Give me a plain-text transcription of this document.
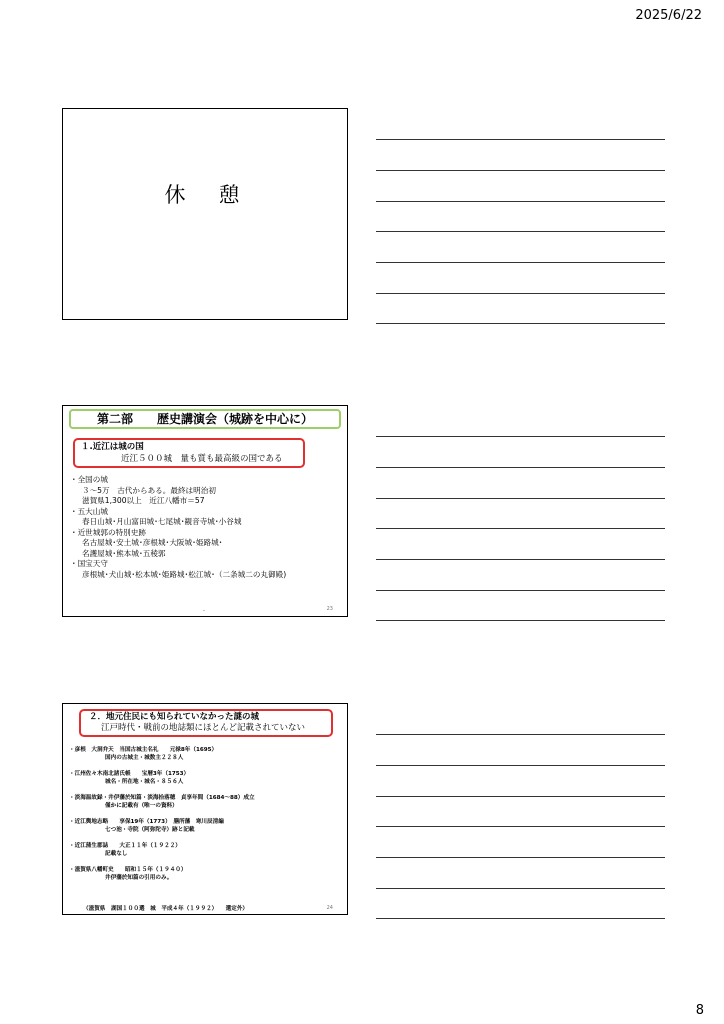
2025/6/22
休　憩
第二部　　歴史講演会（城跡を中心に）
１.近江は城の国
近江５００城　量も質も最高級の国である
・全国の城
３～5万　古代からある。最終は明治初
滋賀県1,300以上　近江八幡市＝57
・五大山城
春日山城･月山富田城･七尾城･観音寺城･小谷城
・近世城郭の特別史跡
名古屋城･安土城･彦根城･大阪城･姫路城･
名護屋城･熊本城･五稜郭
・国宝天守
彦根城･犬山城･松本城･姫路城･松江城･（二条城二の丸御殿)
.	23
２．地元住民にも知られていなかった謎の城
江戸時代・戦前の地誌類にほとんど記載されていない
・彦根　大洞弁天　当国古城主名礼　　元禄8年（1695）
国内の古城主・城数主２２８人
・江州佐々木南北諸氏帳　　宝暦3年（1753）
城名・所在地・城名・８５６人
・淡海温故録・井伊藩於知篇・淡海拾落穂　貞享年間（1684～88）成立
僅かに記載有（唯一の資料）
・近江輿地志略　　享保19年（1773）　膳所藩　寒川辰清編
七つ池・寺院（阿弥陀寺）跡と記載
・近江蒲生郡誌　　大正１１年（１９２２）
記載なし
・滋賀県八幡町史　　昭和１５年（１９４０）
井伊藩於知篇の引用のみ。
（滋賀県　湖国１００選　城　平成４年（１９９２）　　選定外）	24
8
